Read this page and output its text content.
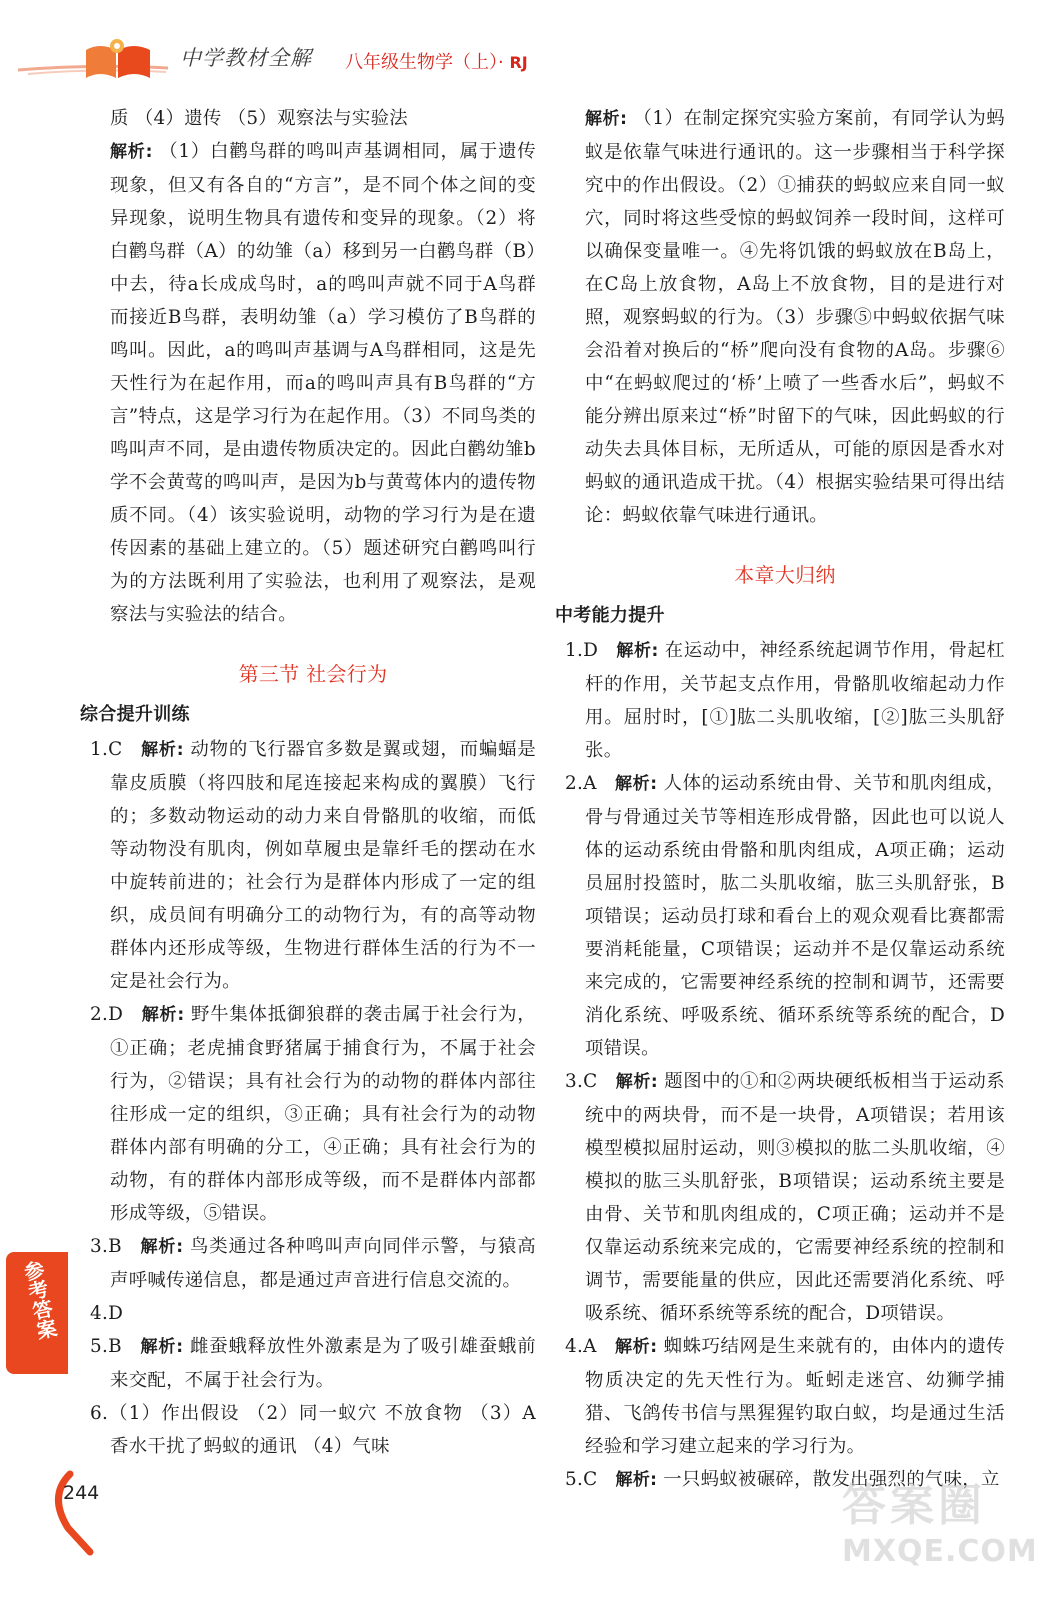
中学教材全解 八年级生物学（上）· RJ

质 （4）遗传 （5）观察法与实验法

解析: （1）白鹳鸟群的鸣叫声基调相同，属于遗传现象，但又有各自的“方言”，是不同个体之间的变异现象，说明生物具有遗传和变异的现象。（2）将白鹳鸟群（A）的幼雏（a）移到另一白鹳鸟群（B）中去，待a长成成鸟时，a的鸣叫声就不同于A鸟群而接近B鸟群，表明幼雏（a）学习模仿了B鸟群的鸣叫。因此，a的鸣叫声基调与A鸟群相同，这是先天性行为在起作用，而a的鸣叫声具有B鸟群的“方言”特点，这是学习行为在起作用。（3）不同鸟类的鸣叫声不同，是由遗传物质决定的。因此白鹳幼雏b学不会黄莺的鸣叫声，是因为b与黄莺体内的遗传物质不同。（4）该实验说明，动物的学习行为是在遗传因素的基础上建立的。（5）题述研究白鹳鸣叫行为的方法既利用了实验法，也利用了观察法，是观察法与实验法的结合。

第三节 社会行为
综合提升训练

1.C 解析: 动物的飞行器官多数是翼或翅，而蝙蝠是靠皮质膜（将四肢和尾连接起来构成的翼膜）飞行的；多数动物运动的动力来自骨骼肌的收缩，而低等动物没有肌肉，例如草履虫是靠纤毛的摆动在水中旋转前进的；社会行为是群体内形成了一定的组织，成员间有明确分工的动物行为，有的高等动物群体内还形成等级，生物进行群体生活的行为不一定是社会行为。

2.D 解析: 野牛集体抵御狼群的袭击属于社会行为，①正确；老虎捕食野猪属于捕食行为，不属于社会行为，②错误；具有社会行为的动物的群体内部往往形成一定的组织，③正确；具有社会行为的动物群体内部有明确的分工，④正确；具有社会行为的动物，有的群体内部形成等级，而不是群体内部都形成等级，⑤错误。

3.B 解析: 鸟类通过各种鸣叫声向同伴示警，与猿高声呼喊传递信息，都是通过声音进行信息交流的。

4.D

5.B 解析: 雌蚕蛾释放性外激素是为了吸引雄蚕蛾前来交配，不属于社会行为。

6.（1）作出假设 （2）同一蚁穴 不放食物 （3）A 香水干扰了蚂蚁的通讯 （4）气味

解析: （1）在制定探究实验方案前，有同学认为蚂蚁是依靠气味进行通讯的。这一步骤相当于科学探究中的作出假设。（2）①捕获的蚂蚁应来自同一蚁穴，同时将这些受惊的蚂蚁饲养一段时间，这样可以确保变量唯一。④先将饥饿的蚂蚁放在B岛上，在C岛上放食物，A岛上不放食物，目的是进行对照，观察蚂蚁的行为。（3）步骤⑤中蚂蚁依据气味会沿着对换后的“桥”爬向没有食物的A岛。步骤⑥中“在蚂蚁爬过的‘桥’上喷了一些香水后”，蚂蚁不能分辨出原来过“桥”时留下的气味，因此蚂蚁的行动失去具体目标，无所适从，可能的原因是香水对蚂蚁的通讯造成干扰。（4）根据实验结果可得出结论：蚂蚁依靠气味进行通讯。

本章大归纳
中考能力提升

1.D 解析: 在运动中，神经系统起调节作用，骨起杠杆的作用，关节起支点作用，骨骼肌收缩起动力作用。屈肘时，[①]肱二头肌收缩，[②]肱三头肌舒张。

2.A 解析: 人体的运动系统由骨、关节和肌肉组成，骨与骨通过关节等相连形成骨骼，因此也可以说人体的运动系统由骨骼和肌肉组成，A项正确；运动员屈肘投篮时，肱二头肌收缩，肱三头肌舒张，B项错误；运动员打球和看台上的观众观看比赛都需要消耗能量，C项错误；运动并不是仅靠运动系统来完成的，它需要神经系统的控制和调节，还需要消化系统、呼吸系统、循环系统等系统的配合，D项错误。

3.C 解析: 题图中的①和②两块硬纸板相当于运动系统中的两块骨，而不是一块骨，A项错误；若用该模型模拟屈肘运动，则③模拟的肱二头肌收缩，④模拟的肱三头肌舒张，B项错误；运动系统主要是由骨、关节和肌肉组成的，C项正确；运动并不是仅靠运动系统来完成的，它需要神经系统的控制和调节，需要能量的供应，因此还需要消化系统、呼吸系统、循环系统等系统的配合，D项错误。

4.A 解析: 蜘蛛巧结网是生来就有的，由体内的遗传物质决定的先天性行为。蚯蚓走迷宫、幼狮学捕猎、飞鸽传书信与黑猩猩钓取白蚁，均是通过生活经验和学习建立起来的学习行为。

5.C 解析: 一只蚂蚁被碾碎，散发出强烈的气味，立

参考答案
244	答案圈
MXQE.COM
